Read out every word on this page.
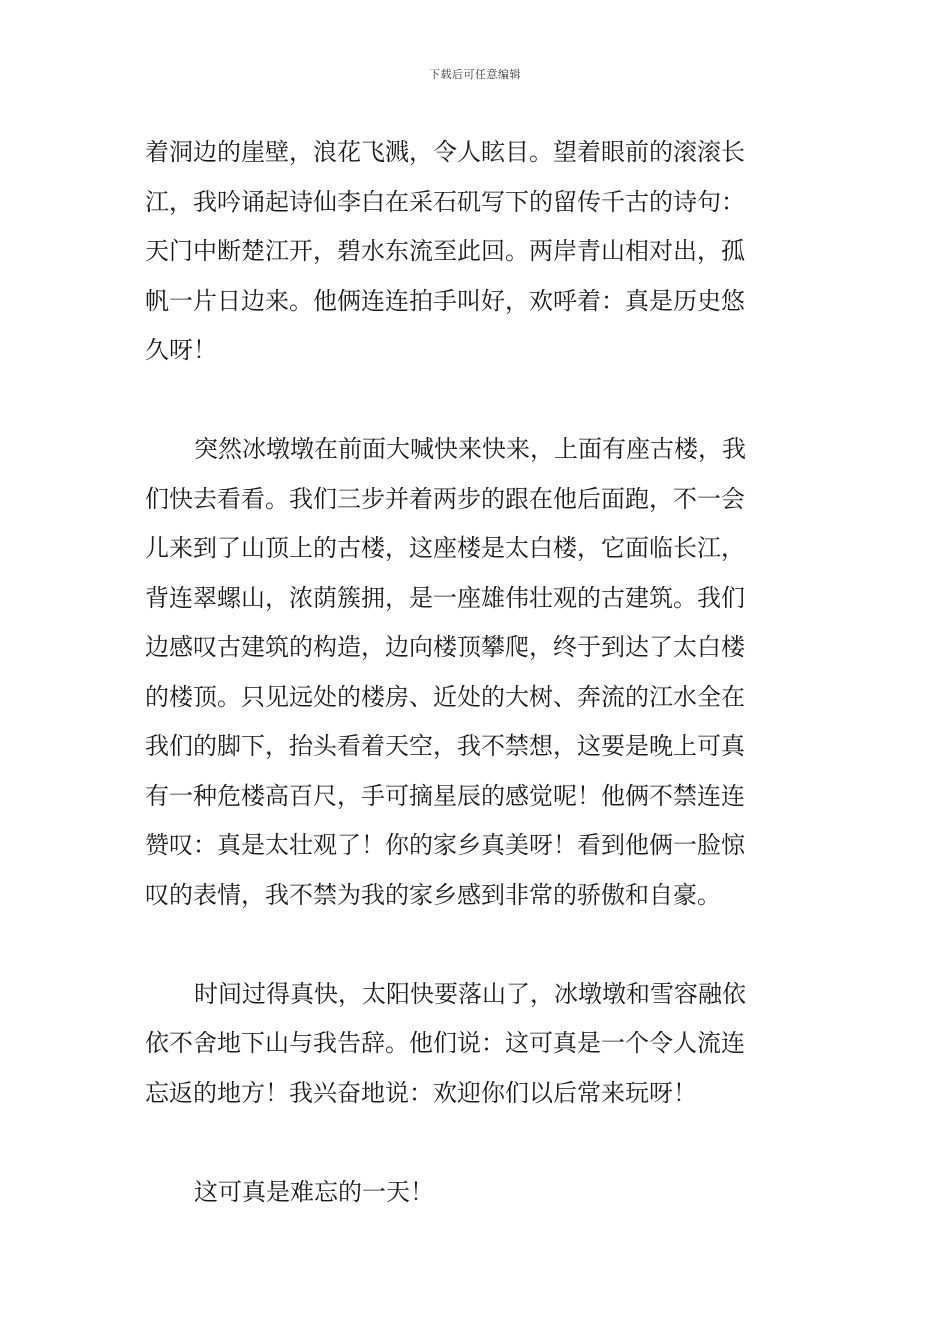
下载后可任意编辑
着洞边的崖壁，浪花飞溅，令人眩目。望着眼前的滚滚长
江，我吟诵起诗仙李白在采石矶写下的留传千古的诗句：
天门中断楚江开，碧水东流至此回。两岸青山相对出，孤
帆一片日边来。他俩连连拍手叫好，欢呼着：真是历史悠
久呀！
突然冰墩墩在前面大喊快来快来，上面有座古楼，我
们快去看看。我们三步并着两步的跟在他后面跑，不一会
儿来到了山顶上的古楼，这座楼是太白楼，它面临长江，
背连翠螺山，浓荫簇拥，是一座雄伟壮观的古建筑。我们
边感叹古建筑的构造，边向楼顶攀爬，终于到达了太白楼
的楼顶。只见远处的楼房、近处的大树、奔流的江水全在
我们的脚下，抬头看着天空，我不禁想，这要是晚上可真
有一种危楼高百尺，手可摘星辰的感觉呢！他俩不禁连连
赞叹：真是太壮观了！你的家乡真美呀！看到他俩一脸惊
叹的表情，我不禁为我的家乡感到非常的骄傲和自豪。
时间过得真快，太阳快要落山了，冰墩墩和雪容融依
依不舍地下山与我告辞。他们说：这可真是一个令人流连
忘返的地方！我兴奋地说：欢迎你们以后常来玩呀！
这可真是难忘的一天！
